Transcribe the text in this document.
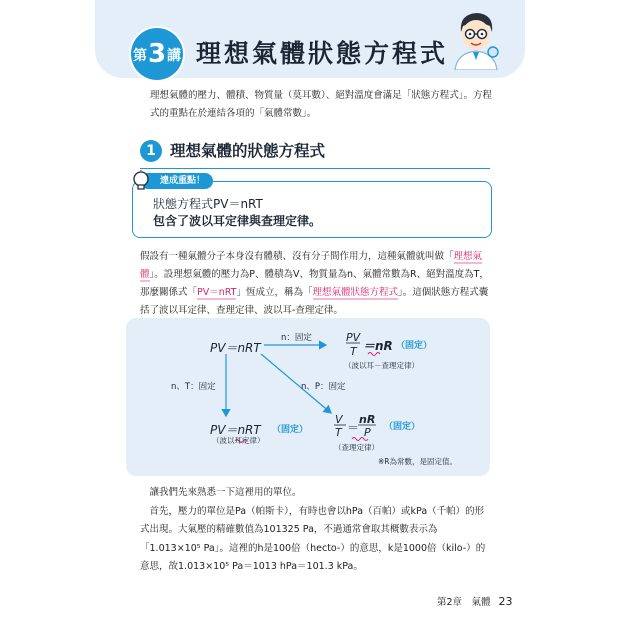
第3講 理想氣體狀態方程式
理想氣體的壓力、體積、物質量（莫耳數）、絕對溫度會滿足「狀態方程式」。方程式的重點在於連結各項的「氣體常數」。
1 理想氣體的狀態方程式
達成重點！
狀態方程式PV＝nRT
包含了波以耳定律與查理定律。
假設有一種氣體分子本身沒有體積、沒有分子間作用力，這種氣體就叫做「理想氣體」。設理想氣體的壓力為P、體積為V、物質量為n、氣體常數為R、絕對溫度為T，那麼關係式「PV＝nRT」恆成立，稱為「理想氣體狀態方程式」。這個狀態方程式囊括了波以耳定律、查理定律、波以耳-查理定律。
PV＝nRT
n：固定	PV
T ＝nR （固定）
（波以耳－查理定律）
n、T：固定	n、P：固定
PV＝nRT （固定）
（波以耳定律）
V
T ＝
nR
P （固定）
（查理定律）
※R為常數，是固定值。

讓我們先來熟悉一下這裡用的單位。

首先，壓力的單位是Pa（帕斯卡），有時也會以hPa（百帕）或kPa（千帕）的形式出現。大氣壓的精確數值為101325 Pa，不過通常會取其概數表示為「1.013×10⁵ Pa」。這裡的h是100倍（hecto-）的意思，k是1000倍（kilo-）的意思，故1.013×10⁵ Pa＝1013 hPa＝101.3 kPa。

第2章　氣體 23
